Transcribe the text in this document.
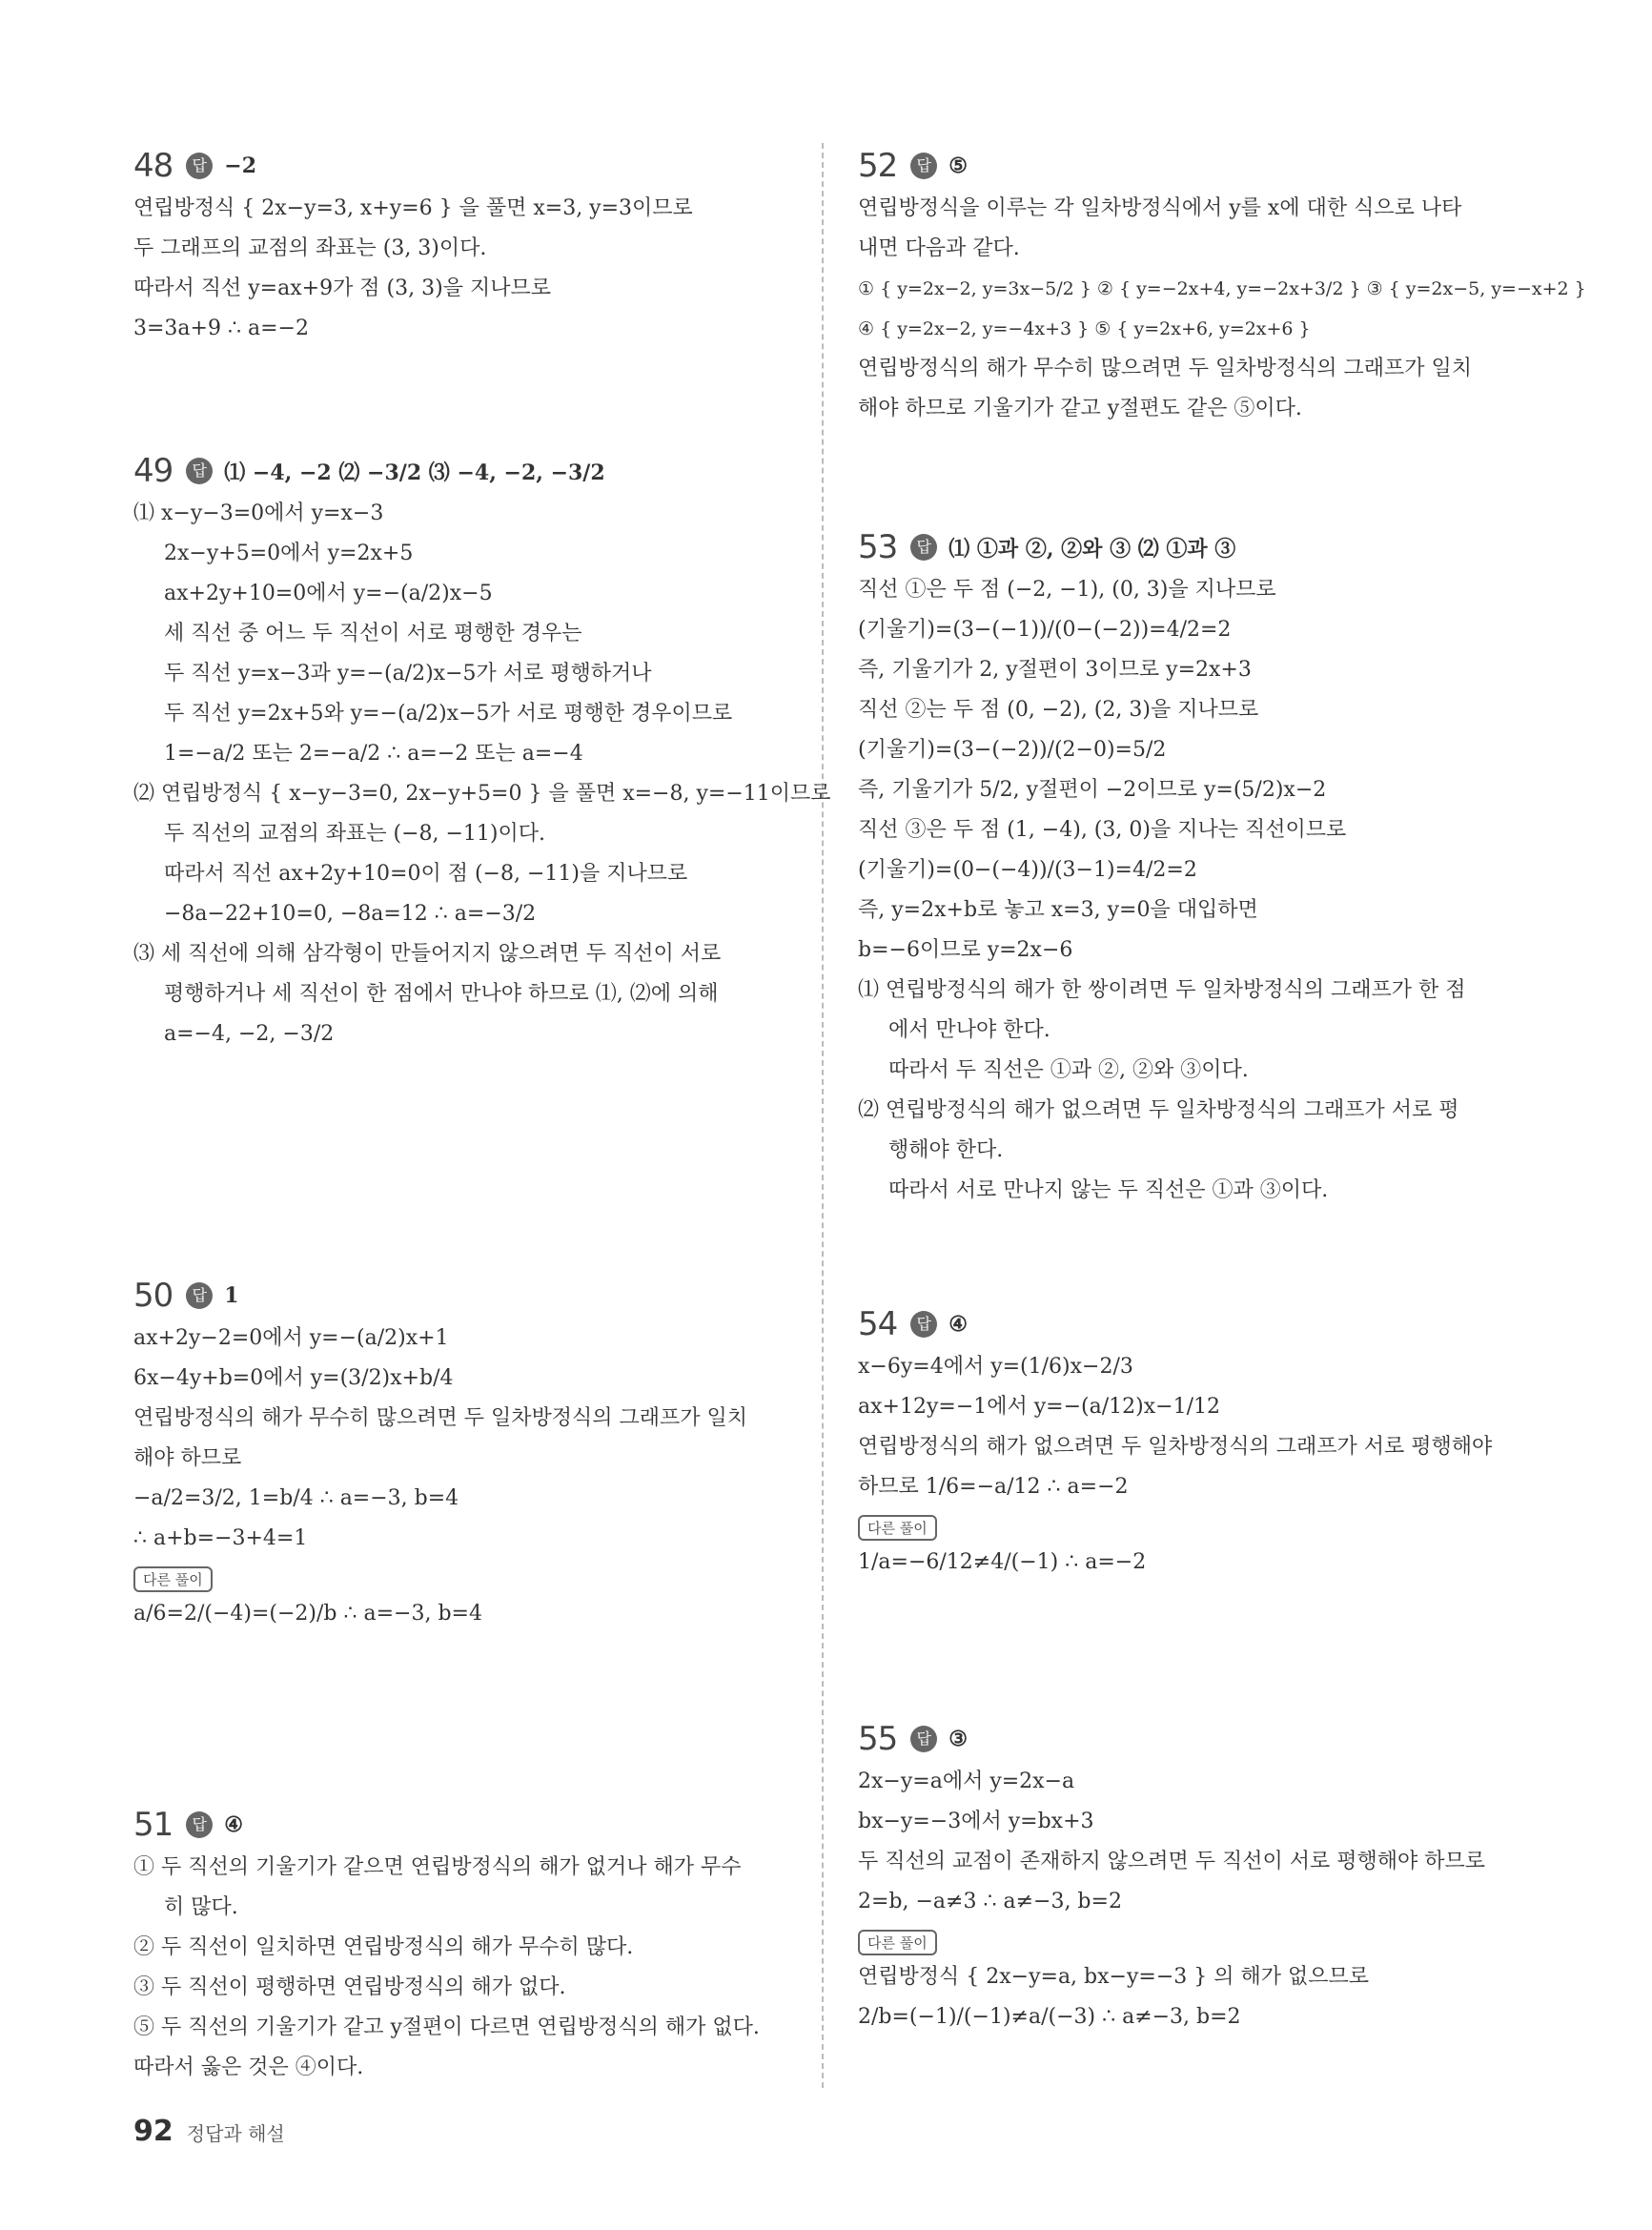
48	답 −2
연립방정식 { 2x−y=3, x+y=6 } 을 풀면 x=3, y=3이므로
두 그래프의 교점의 좌표는 (3, 3)이다.
따라서 직선 y=ax+9가 점 (3, 3)을 지나므로
3=3a+9 ∴ a=−2
49	답 ⑴ −4, −2 ⑵ −3/2 ⑶ −4, −2, −3/2
⑴ x−y−3=0에서 y=x−3
2x−y+5=0에서 y=2x+5
ax+2y+10=0에서 y=−(a/2)x−5
세 직선 중 어느 두 직선이 서로 평행한 경우는
두 직선 y=x−3과 y=−(a/2)x−5가 서로 평행하거나
두 직선 y=2x+5와 y=−(a/2)x−5가 서로 평행한 경우이므로
1=−a/2 또는 2=−a/2 ∴ a=−2 또는 a=−4
⑵ 연립방정식 { x−y−3=0, 2x−y+5=0 } 을 풀면 x=−8, y=−11이므로
두 직선의 교점의 좌표는 (−8, −11)이다.
따라서 직선 ax+2y+10=0이 점 (−8, −11)을 지나므로
−8a−22+10=0, −8a=12 ∴ a=−3/2
⑶ 세 직선에 의해 삼각형이 만들어지지 않으려면 두 직선이 서로
평행하거나 세 직선이 한 점에서 만나야 하므로 ⑴, ⑵에 의해
a=−4, −2, −3/2
50	답 1
ax+2y−2=0에서 y=−(a/2)x+1
6x−4y+b=0에서 y=(3/2)x+b/4
연립방정식의 해가 무수히 많으려면 두 일차방정식의 그래프가 일치
해야 하므로
−a/2=3/2, 1=b/4 ∴ a=−3, b=4
∴ a+b=−3+4=1
다른 풀이
a/6=2/(−4)=(−2)/b ∴ a=−3, b=4
51	답 ④
① 두 직선의 기울기가 같으면 연립방정식의 해가 없거나 해가 무수
히 많다.
② 두 직선이 일치하면 연립방정식의 해가 무수히 많다.
③ 두 직선이 평행하면 연립방정식의 해가 없다.
⑤ 두 직선의 기울기가 같고 y절편이 다르면 연립방정식의 해가 없다.
따라서 옳은 것은 ④이다.
52	답 ⑤
연립방정식을 이루는 각 일차방정식에서 y를 x에 대한 식으로 나타
내면 다음과 같다.
① { y=2x−2, y=3x−5/2 } ② { y=−2x+4, y=−2x+3/2 } ③ { y=2x−5, y=−x+2 }
④ { y=2x−2, y=−4x+3 } ⑤ { y=2x+6, y=2x+6 }
연립방정식의 해가 무수히 많으려면 두 일차방정식의 그래프가 일치
해야 하므로 기울기가 같고 y절편도 같은 ⑤이다.
53	답 ⑴ ①과 ②, ②와 ③ ⑵ ①과 ③
직선 ①은 두 점 (−2, −1), (0, 3)을 지나므로
(기울기)=(3−(−1))/(0−(−2))=4/2=2
즉, 기울기가 2, y절편이 3이므로 y=2x+3
직선 ②는 두 점 (0, −2), (2, 3)을 지나므로
(기울기)=(3−(−2))/(2−0)=5/2
즉, 기울기가 5/2, y절편이 −2이므로 y=(5/2)x−2
직선 ③은 두 점 (1, −4), (3, 0)을 지나는 직선이므로
(기울기)=(0−(−4))/(3−1)=4/2=2
즉, y=2x+b로 놓고 x=3, y=0을 대입하면
b=−6이므로 y=2x−6
⑴ 연립방정식의 해가 한 쌍이려면 두 일차방정식의 그래프가 한 점
에서 만나야 한다.
따라서 두 직선은 ①과 ②, ②와 ③이다.
⑵ 연립방정식의 해가 없으려면 두 일차방정식의 그래프가 서로 평
행해야 한다.
따라서 서로 만나지 않는 두 직선은 ①과 ③이다.
54	답 ④
x−6y=4에서 y=(1/6)x−2/3
ax+12y=−1에서 y=−(a/12)x−1/12
연립방정식의 해가 없으려면 두 일차방정식의 그래프가 서로 평행해야
하므로 1/6=−a/12 ∴ a=−2
다른 풀이
1/a=−6/12≠4/(−1) ∴ a=−2
55	답 ③
2x−y=a에서 y=2x−a
bx−y=−3에서 y=bx+3
두 직선의 교점이 존재하지 않으려면 두 직선이 서로 평행해야 하므로
2=b, −a≠3 ∴ a≠−3, b=2
다른 풀이
연립방정식 { 2x−y=a, bx−y=−3 } 의 해가 없으므로
2/b=(−1)/(−1)≠a/(−3) ∴ a≠−3, b=2
92 정답과 해설
